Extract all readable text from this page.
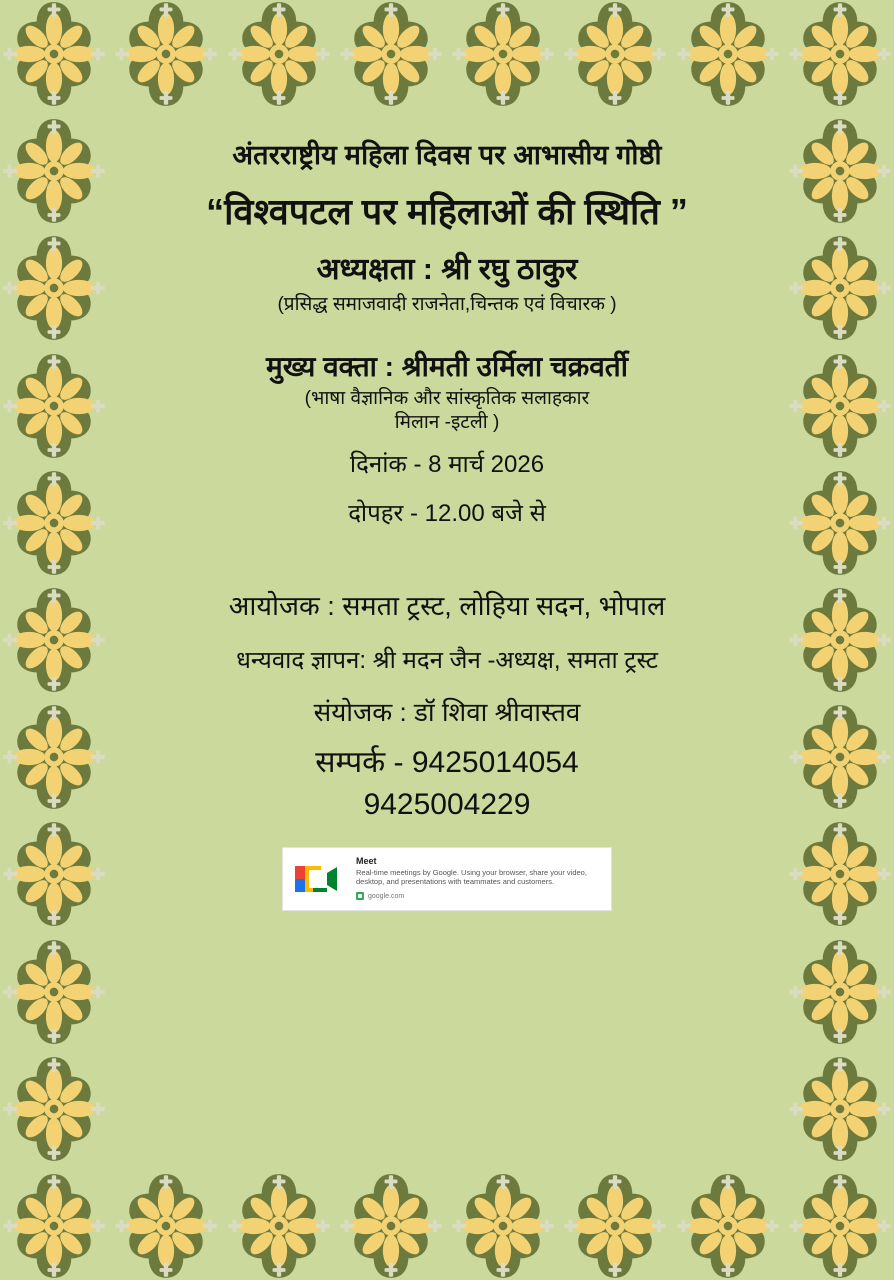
अंतरराष्ट्रीय महिला दिवस पर आभासीय गोष्ठी

“विश्वपटल पर महिलाओं की स्थिति ”

अध्यक्षता : श्री रघु ठाकुर

(प्रसिद्ध समाजवादी राजनेता,चिन्तक एवं विचारक )

मुख्य वक्ता : श्रीमती उर्मिला चक्रवर्ती

(भाषा वैज्ञानिक और सांस्कृतिक सलाहकार

मिलान -इटली )

दिनांक - 8 मार्च 2026

दोपहर - 12.00 बजे से

आयोजक : समता ट्रस्ट, लोहिया सदन, भोपाल

धन्यवाद ज्ञापन: श्री मदन जैन -अध्यक्ष, समता ट्रस्ट

संयोजक : डॉ शिवा श्रीवास्तव

सम्पर्क - 9425014054

9425004229

Meet
Real-time meetings by Google. Using your browser, share your video, desktop, and presentations with teammates and customers.
google.com
